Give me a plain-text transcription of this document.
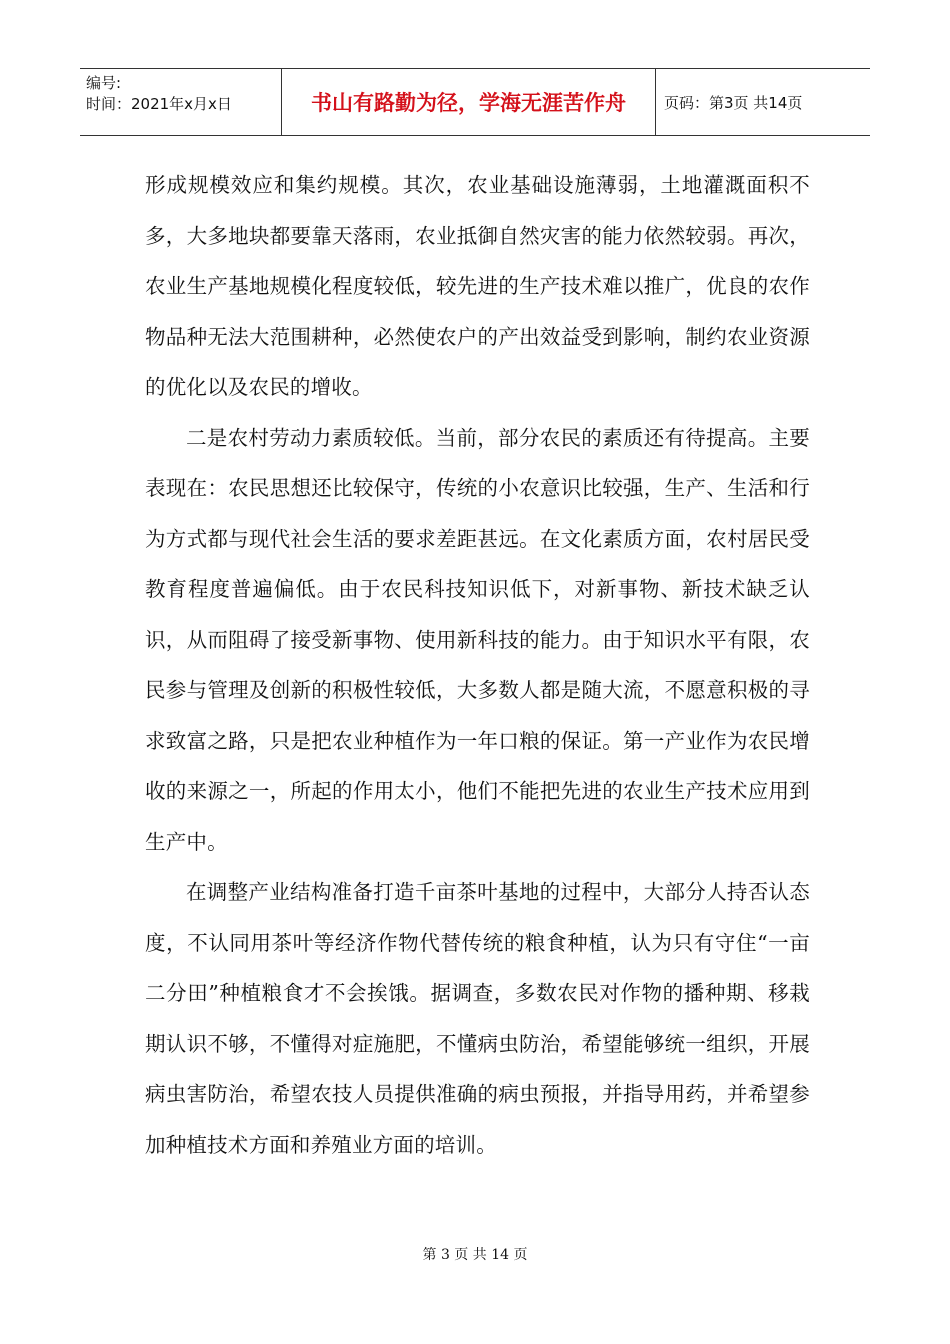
编号:
时间：2021年x月x日	书山有路勤为径，学海无涯苦作舟	页码：第3页 共14页

形成规模效应和集约规模。其次，农业基础设施薄弱，土地灌溉面积不多，大多地块都要靠天落雨，农业抵御自然灾害的能力依然较弱。再次，农业生产基地规模化程度较低，较先进的生产技术难以推广，优良的农作物品种无法大范围耕种，必然使农户的产出效益受到影响，制约农业资源的优化以及农民的增收。

二是农村劳动力素质较低。当前，部分农民的素质还有待提高。主要表现在：农民思想还比较保守，传统的小农意识比较强，生产、生活和行为方式都与现代社会生活的要求差距甚远。在文化素质方面，农村居民受教育程度普遍偏低。由于农民科技知识低下，对新事物、新技术缺乏认识，从而阻碍了接受新事物、使用新科技的能力。由于知识水平有限，农民参与管理及创新的积极性较低，大多数人都是随大流，不愿意积极的寻求致富之路，只是把农业种植作为一年口粮的保证。第一产业作为农民增收的来源之一，所起的作用太小，他们不能把先进的农业生产技术应用到生产中。

在调整产业结构准备打造千亩茶叶基地的过程中，大部分人持否认态度，不认同用茶叶等经济作物代替传统的粮食种植，认为只有守住“一亩二分田”种植粮食才不会挨饿。据调查，多数农民对作物的播种期、移栽期认识不够，不懂得对症施肥，不懂病虫防治，希望能够统一组织，开展病虫害防治，希望农技人员提供准确的病虫预报，并指导用药，并希望参加种植技术方面和养殖业方面的培训。

第 3 页 共 14 页
